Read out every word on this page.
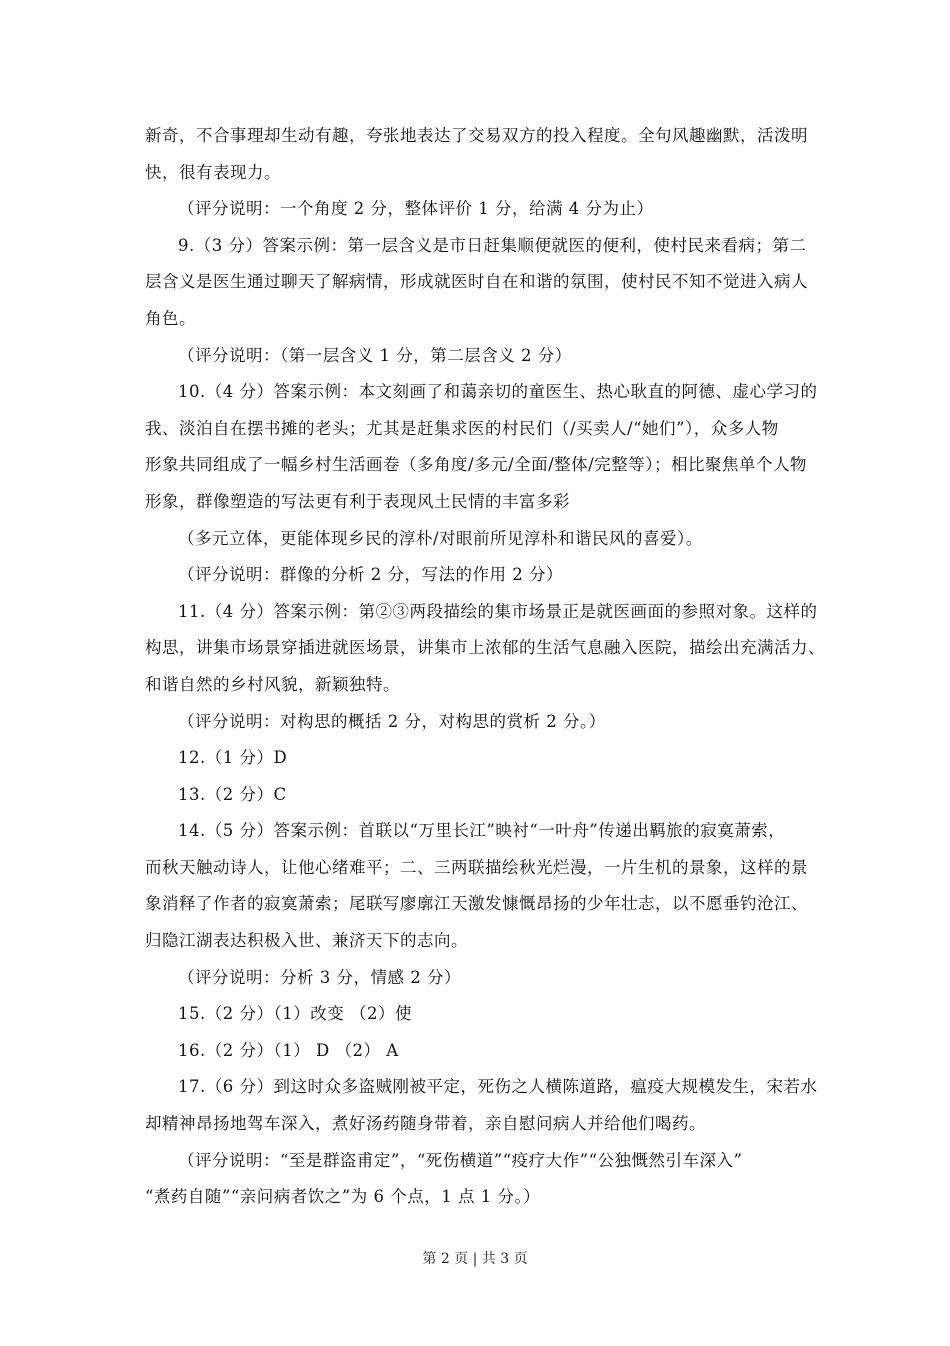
新奇，不合事理却生动有趣，夸张地表达了交易双方的投入程度。全句风趣幽默，活泼明
快，很有表现力。
（评分说明：一个角度 2 分，整体评价 1 分，给满 4 分为止）
9.（3 分）答案示例：第一层含义是市日赶集顺便就医的便利，使村民来看病；第二
层含义是医生通过聊天了解病情，形成就医时自在和谐的氛围，使村民不知不觉进入病人
角色。
（评分说明：（第一层含义 1 分，第二层含义 2 分）
10.（4 分）答案示例：本文刻画了和蔼亲切的童医生、热心耿直的阿德、虚心学习的
我、淡泊自在摆书摊的老头；尤其是赶集求医的村民们（/买卖人/“她们”），众多人物
形象共同组成了一幅乡村生活画卷（多角度/多元/全面/整体/完整等）；相比聚焦单个人物
形象，群像塑造的写法更有利于表现风土民情的丰富多彩
（多元立体，更能体现乡民的淳朴/对眼前所见淳朴和谐民风的喜爱）。
（评分说明：群像的分析 2 分，写法的作用 2 分）
11.（4 分）答案示例：第②③两段描绘的集市场景正是就医画面的参照对象。这样的
构思，讲集市场景穿插进就医场景，讲集市上浓郁的生活气息融入医院，描绘出充满活力、
和谐自然的乡村风貌，新颖独特。
（评分说明：对构思的概括 2 分，对构思的赏析 2 分。）
12.（1 分）D
13.（2 分）C
14.（5 分）答案示例：首联以“万里长江”映衬“一叶舟”传递出羁旅的寂寞萧索，
而秋天触动诗人，让他心绪难平；二、三两联描绘秋光烂漫，一片生机的景象，这样的景
象消释了作者的寂寞萧索；尾联写廖廓江天激发慷慨昂扬的少年壮志，以不愿垂钓沧江、
归隐江湖表达积极入世、兼济天下的志向。
（评分说明：分析 3 分，情感 2 分）
15.（2 分）（1）改变 （2）使
16.（2 分）（1） D （2） A
17.（6 分）到这时众多盗贼刚被平定，死伤之人横陈道路，瘟疫大规模发生，宋若水
却精神昂扬地驾车深入，煮好汤药随身带着，亲自慰问病人并给他们喝药。
（评分说明：“至是群盗甫定”，“死伤横道”“疫疗大作”“公独慨然引车深入”
“煮药自随”“亲问病者饮之”为 6 个点，1 点 1 分。）
第 2 页 | 共 3 页
